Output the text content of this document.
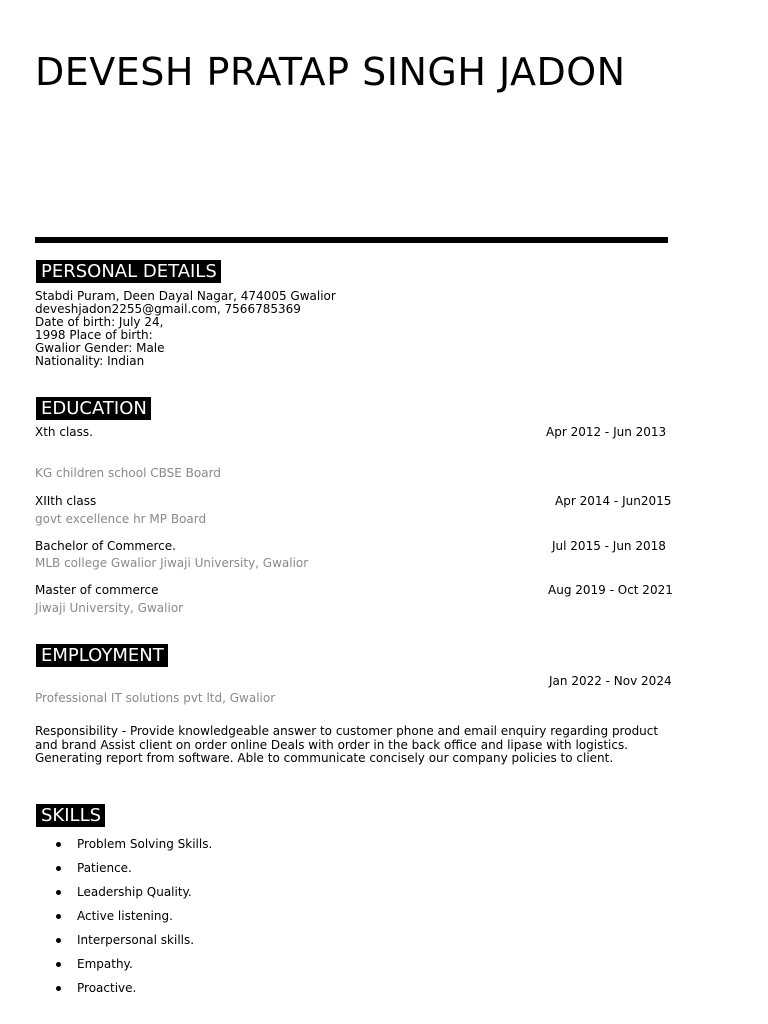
DEVESH PRATAP SINGH JADON
PERSONAL DETAILS
Stabdi Puram, Deen Dayal Nagar, 474005 Gwalior
deveshjadon2255@gmail.com, 7566785369
Date of birth: July 24,
1998 Place of birth:
Gwalior Gender: Male
Nationality: Indian
EDUCATION
Xth class.	Apr 2012 - Jun 2013
KG children school CBSE Board
XIIth class	Apr 2014 - Jun2015
govt excellence hr MP Board
Bachelor of Commerce.	Jul 2015 - Jun 2018
MLB college Gwalior Jiwaji University, Gwalior
Master of commerce	Aug 2019 - Oct 2021
Jiwaji University, Gwalior
EMPLOYMENT
Jan 2022 - Nov 2024
Professional IT solutions pvt ltd, Gwalior
Responsibility - Provide knowledgeable answer to customer phone and email enquiry regarding product and brand Assist client on order online Deals with order in the back office and lipase with logistics. Generating report from software. Able to communicate concisely our company policies to client.
SKILLS
Problem Solving Skills.
Patience.
Leadership Quality.
Active listening.
Interpersonal skills.
Empathy.
Proactive.
